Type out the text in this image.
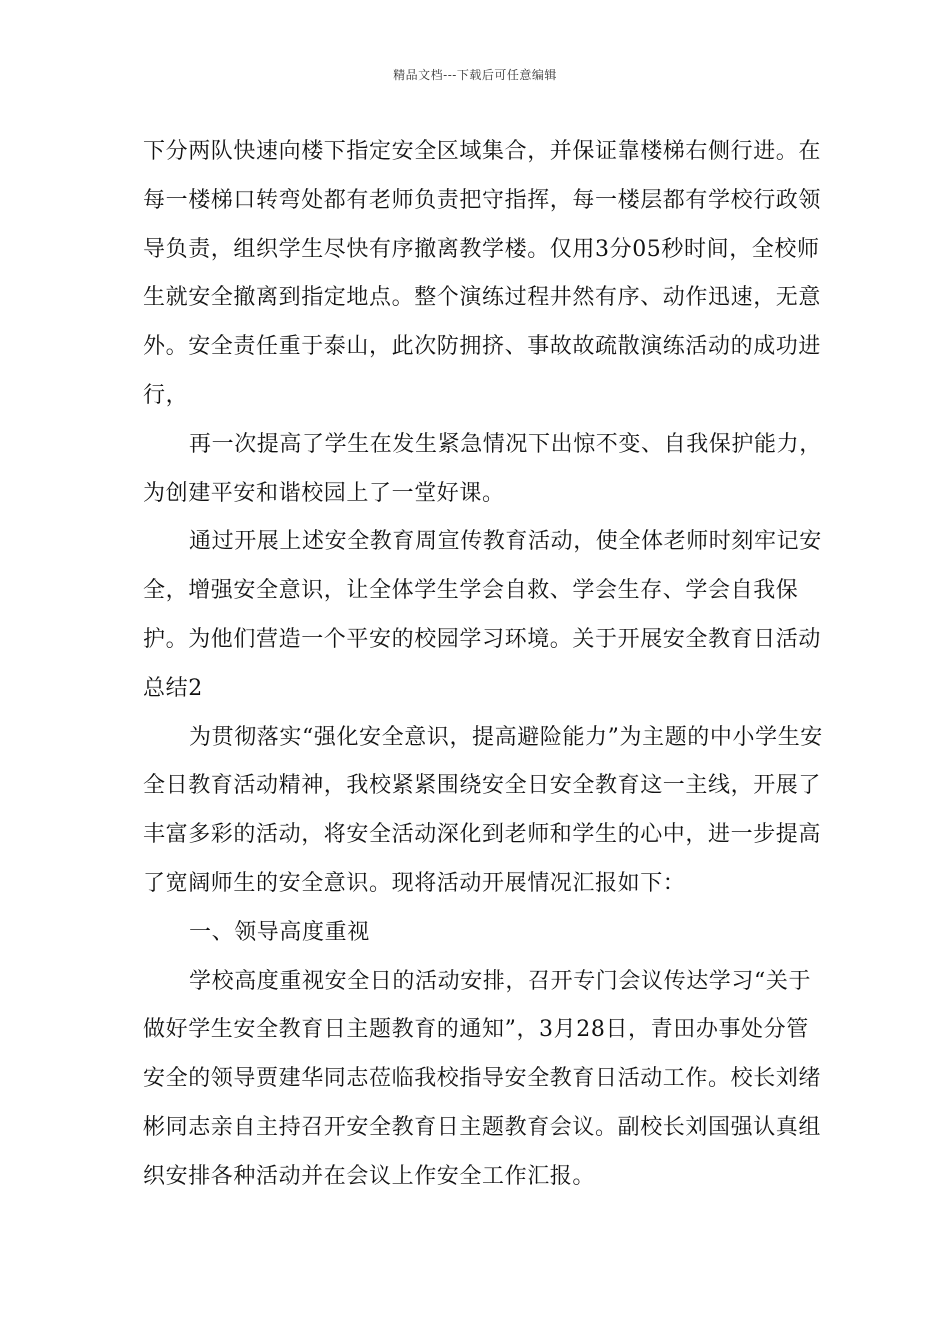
精品文档---下载后可任意编辑

下分两队快速向楼下指定安全区域集合，并保证靠楼梯右侧行进。在每一楼梯口转弯处都有老师负责把守指挥，每一楼层都有学校行政领导负责，组织学生尽快有序撤离教学楼。仅用3分05秒时间，全校师生就安全撤离到指定地点。整个演练过程井然有序、动作迅速，无意外。安全责任重于泰山，此次防拥挤、事故故疏散演练活动的成功进行，

再一次提高了学生在发生紧急情况下出惊不变、自我保护能力，为创建平安和谐校园上了一堂好课。

通过开展上述安全教育周宣传教育活动，使全体老师时刻牢记安全，增强安全意识，让全体学生学会自救、学会生存、学会自我保护。为他们营造一个平安的校园学习环境。关于开展安全教育日活动总结2

为贯彻落实“强化安全意识，提高避险能力”为主题的中小学生安全日教育活动精神，我校紧紧围绕安全日安全教育这一主线，开展了丰富多彩的活动，将安全活动深化到老师和学生的心中，进一步提高了宽阔师生的安全意识。现将活动开展情况汇报如下：

一、领导高度重视

学校高度重视安全日的活动安排，召开专门会议传达学习“关于做好学生安全教育日主题教育的通知”，3月28日，青田办事处分管安全的领导贾建华同志莅临我校指导安全教育日活动工作。校长刘绪彬同志亲自主持召开安全教育日主题教育会议。副校长刘国强认真组织安排各种活动并在会议上作安全工作汇报。
